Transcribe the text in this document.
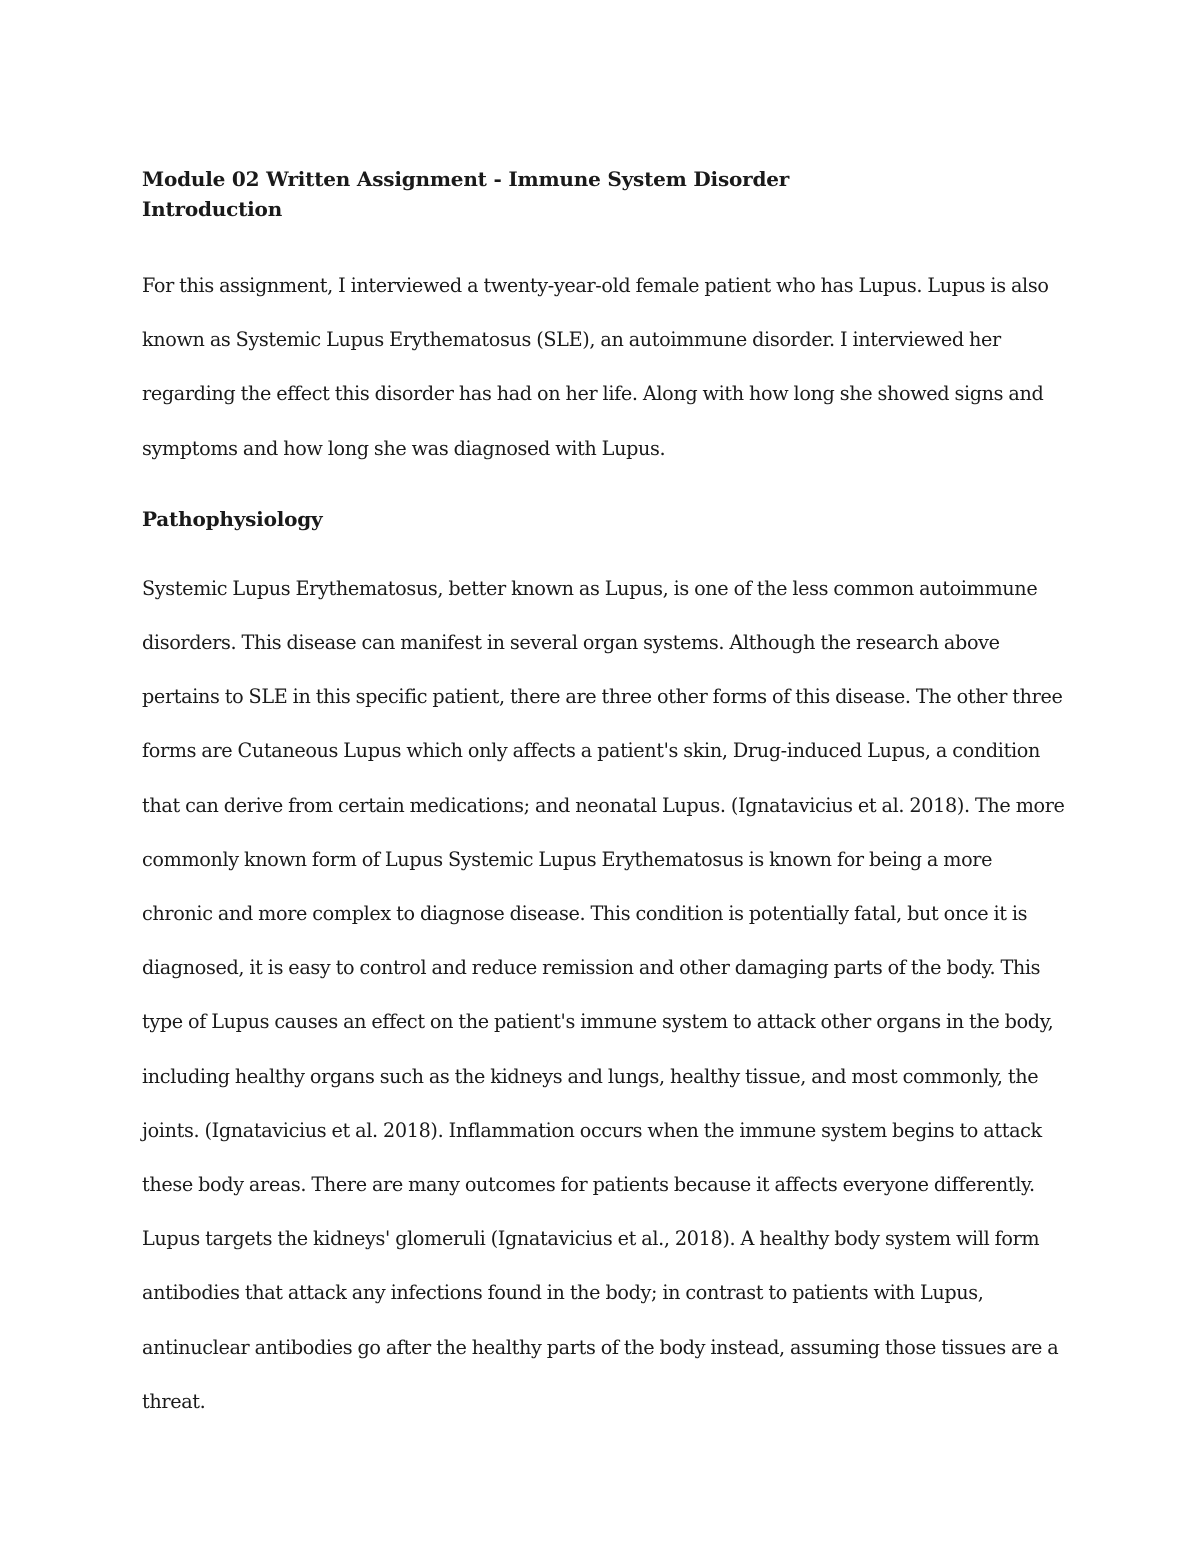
Module 02 Written Assignment - Immune System Disorder

Introduction

For this assignment, I interviewed a twenty-year-old female patient who has Lupus. Lupus is also known as Systemic Lupus Erythematosus (SLE), an autoimmune disorder. I interviewed her regarding the effect this disorder has had on her life. Along with how long she showed signs and symptoms and how long she was diagnosed with Lupus.

Pathophysiology

Systemic Lupus Erythematosus, better known as Lupus, is one of the less common autoimmune disorders. This disease can manifest in several organ systems. Although the research above pertains to SLE in this specific patient, there are three other forms of this disease. The other three forms are Cutaneous Lupus which only affects a patient's skin, Drug-induced Lupus, a condition that can derive from certain medications; and neonatal Lupus. (Ignatavicius et al. 2018). The more commonly known form of Lupus Systemic Lupus Erythematosus is known for being a more chronic and more complex to diagnose disease. This condition is potentially fatal, but once it is diagnosed, it is easy to control and reduce remission and other damaging parts of the body. This type of Lupus causes an effect on the patient's immune system to attack other organs in the body, including healthy organs such as the kidneys and lungs, healthy tissue, and most commonly, the joints. (Ignatavicius et al. 2018). Inflammation occurs when the immune system begins to attack these body areas. There are many outcomes for patients because it affects everyone differently. Lupus targets the kidneys' glomeruli (Ignatavicius et al., 2018). A healthy body system will form antibodies that attack any infections found in the body; in contrast to patients with Lupus, antinuclear antibodies go after the healthy parts of the body instead, assuming those tissues are a threat.
